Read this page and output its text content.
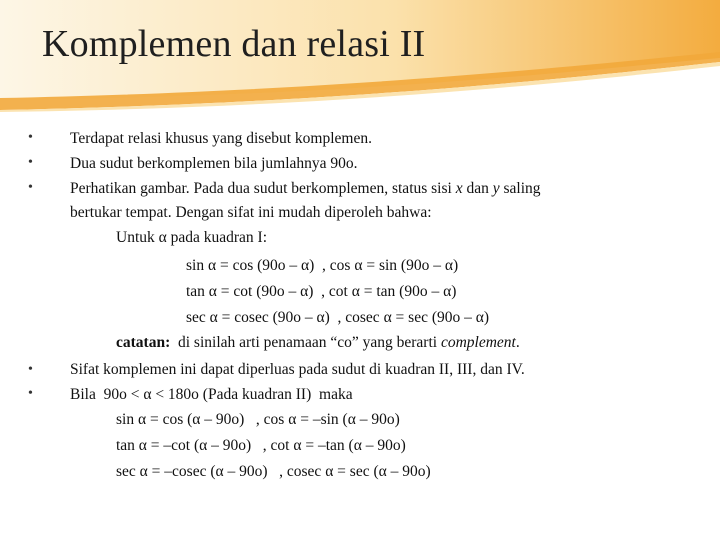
Komplemen dan relasi II
•
•
•
•
•
Terdapat relasi khusus yang disebut komplemen.
Dua sudut berkomplemen bila jumlahnya 90o.
Perhatikan gambar. Pada dua sudut berkomplemen, status sisi x dan y saling
bertukar tempat. Dengan sifat ini mudah diperoleh bahwa:
Untuk α pada kuadran I:
sin α = cos (90o – α)  , cos α = sin (90o – α)
tan α = cot (90o – α)  , cot α = tan (90o – α)
sec α = cosec (90o – α)  , cosec α = sec (90o – α)
catatan:  di sinilah arti penamaan “co” yang berarti complement.
Sifat komplemen ini dapat diperluas pada sudut di kuadran II, III, dan IV.
Bila  90o < α < 180o (Pada kuadran II)  maka
sin α = cos (α – 90o)   , cos α = –sin (α – 90o)
tan α = –cot (α – 90o)   , cot α = –tan (α – 90o)
sec α = –cosec (α – 90o)   , cosec α = sec (α – 90o)
